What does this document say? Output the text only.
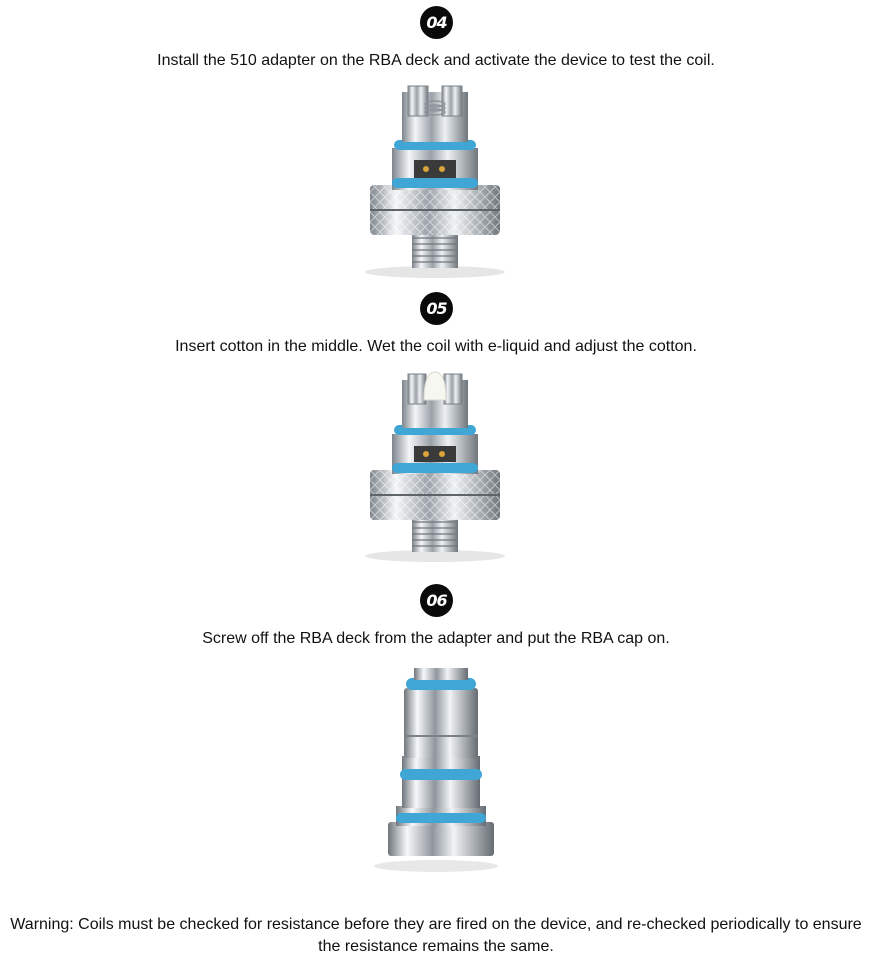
04
Install the 510 adapter on the RBA deck and activate the device to test the coil.
05
Insert cotton in the middle. Wet the coil with e-liquid and adjust the cotton.
06
Screw off the RBA deck from the adapter and put the RBA cap on.
Warning: Coils must be checked for resistance before they are fired on the device, and re-checked periodically to ensure
the resistance remains the same.
